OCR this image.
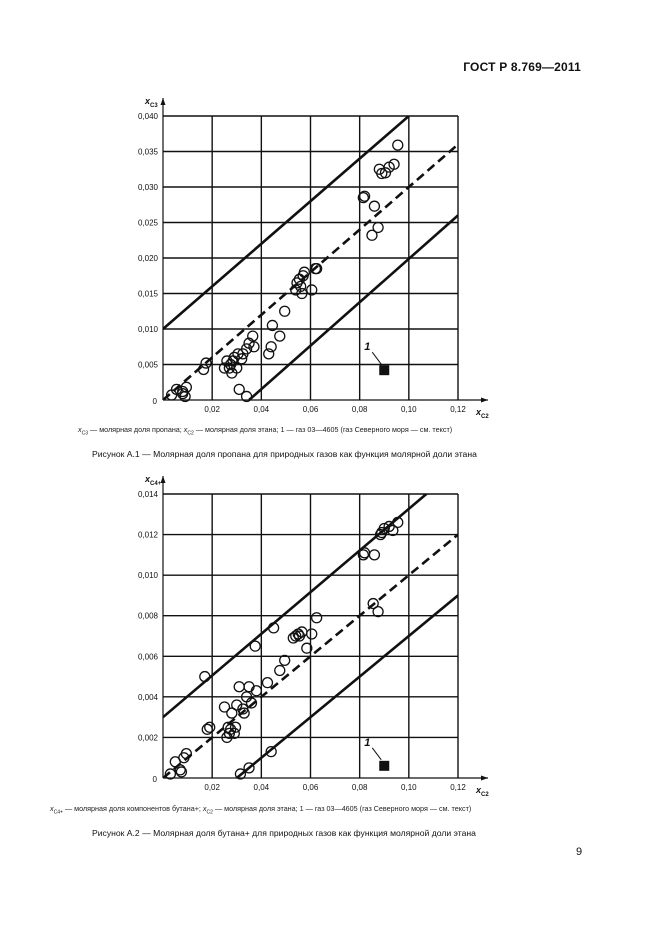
ГОСТ Р 8.769—2011
0,02	0,04	0,06	0,08	0,10	0,12
0,005
0,010
0,015
0,020
0,025
0,030
0,035
0,040
0
x C3
x C2
1
$x_{C3}$ — молярная доля пропана; $x_{C2}$ — молярная доля этана; 1 — газ 03—4605 (газ Северного моря — см. текст)
Рисунок А.1 — Молярная доля пропана для природных газов как функция молярной доли этана
0,02	0,04	0,06	0,08	0,10	0,12
0,002
0,004
0,006
0,008
0,010
0,012
0,014
0
x C4+
x C2
1
$x_{C4+}$ — молярная доля компонентов бутана+; $x_{C2}$ — молярная доля этана; 1 — газ 03—4605 (газ Северного моря — см. текст)
Рисунок А.2 — Молярная доля бутана+ для природных газов как функция молярной доли этана
9
